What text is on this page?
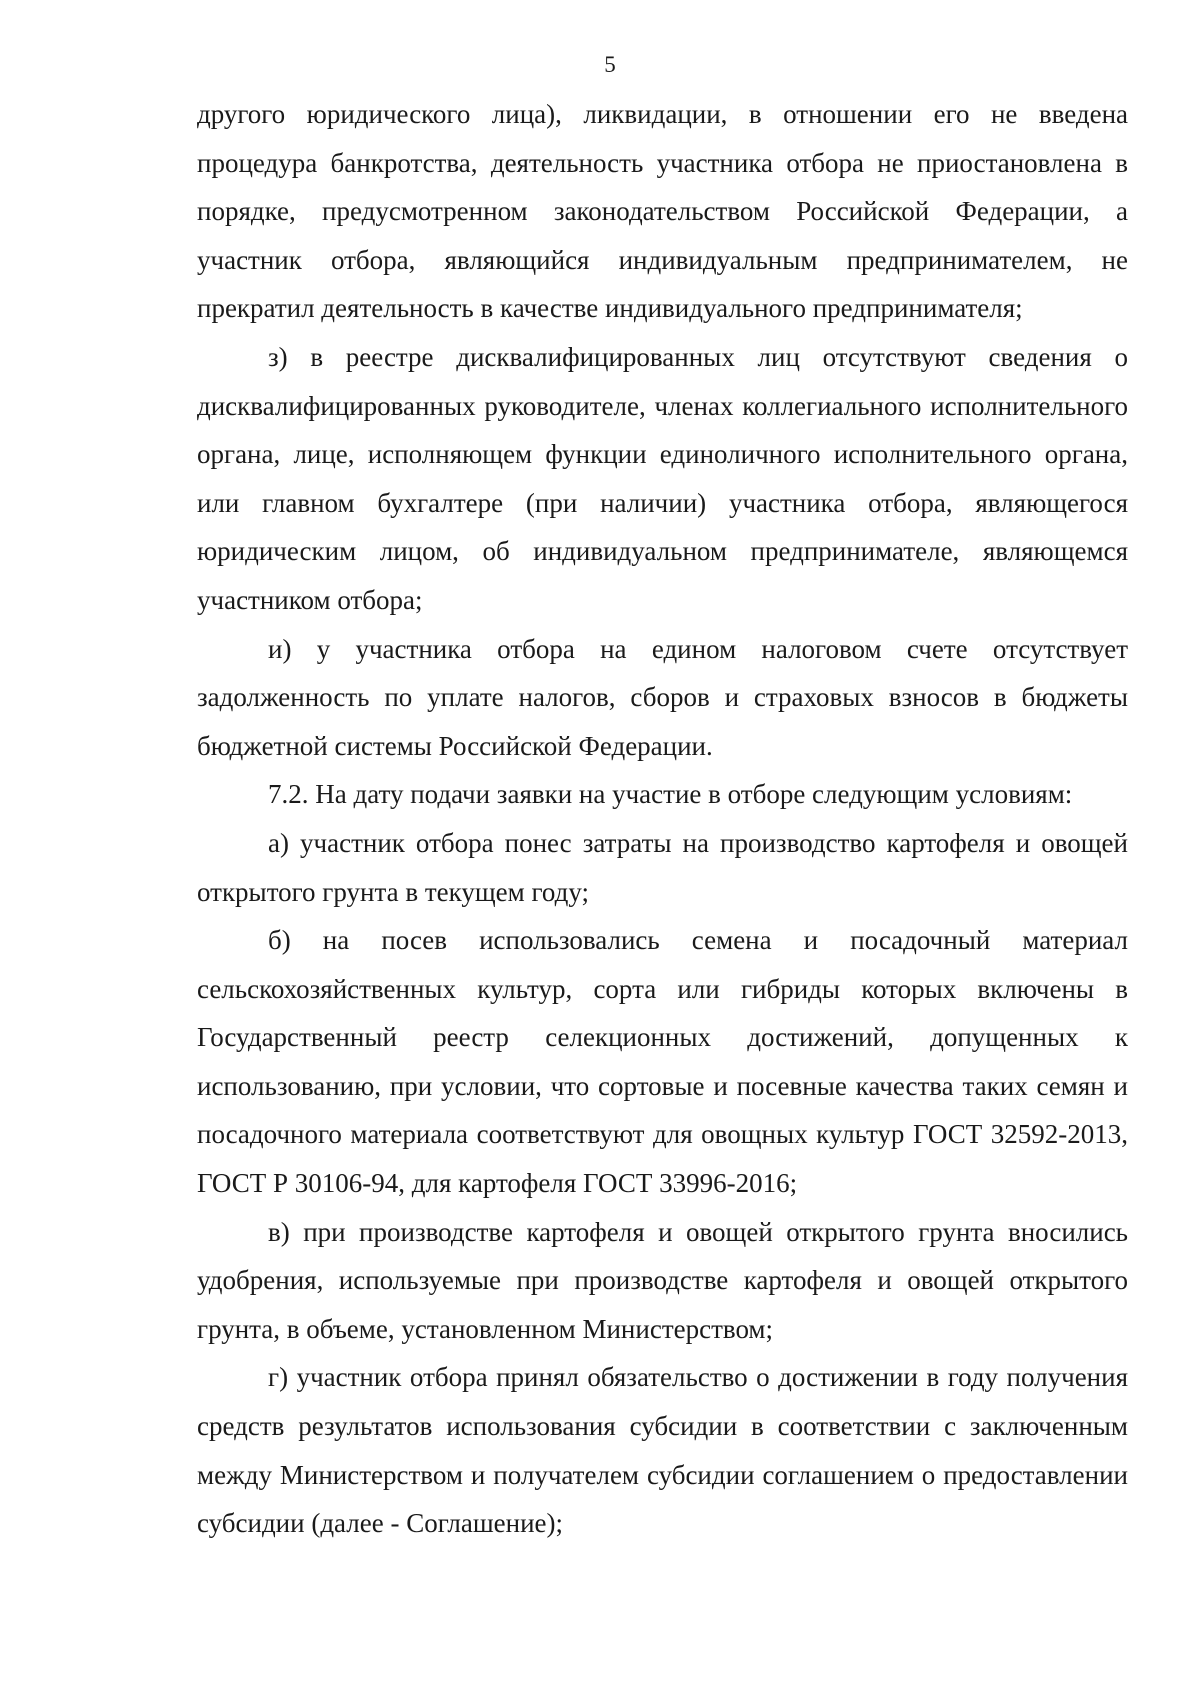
5

другого юридического лица), ликвидации, в отношении его не введена процедура банкротства, деятельность участника отбора не приостановлена в порядке, предусмотренном законодательством Российской Федерации, а участник отбора, являющийся индивидуальным предпринимателем, не прекратил деятельность в качестве индивидуального предпринимателя;

з) в реестре дисквалифицированных лиц отсутствуют сведения о дисквалифицированных руководителе, членах коллегиального исполнительного органа, лице, исполняющем функции единоличного исполнительного органа, или главном бухгалтере (при наличии) участника отбора, являющегося юридическим лицом, об индивидуальном предпринимателе, являющемся участником отбора;

и) у участника отбора на едином налоговом счете отсутствует задолженность по уплате налогов, сборов и страховых взносов в бюджеты бюджетной системы Российской Федерации.

7.2. На дату подачи заявки на участие в отборе следующим условиям:

а) участник отбора понес затраты на производство картофеля и овощей открытого грунта в текущем году;

б) на посев использовались семена и посадочный материал сельскохозяйственных культур, сорта или гибриды которых включены в Государственный реестр селекционных достижений, допущенных к использованию, при условии, что сортовые и посевные качества таких семян и посадочного материала соответствуют для овощных культур ГОСТ 32592-2013, ГОСТ Р 30106-94, для картофеля ГОСТ 33996-2016;

в) при производстве картофеля и овощей открытого грунта вносились удобрения, используемые при производстве картофеля и овощей открытого грунта, в объеме, установленном Министерством;

г) участник отбора принял обязательство о достижении в году получения средств результатов использования субсидии в соответствии с заключенным между Министерством и получателем субсидии соглашением о предоставлении субсидии (далее - Соглашение);
